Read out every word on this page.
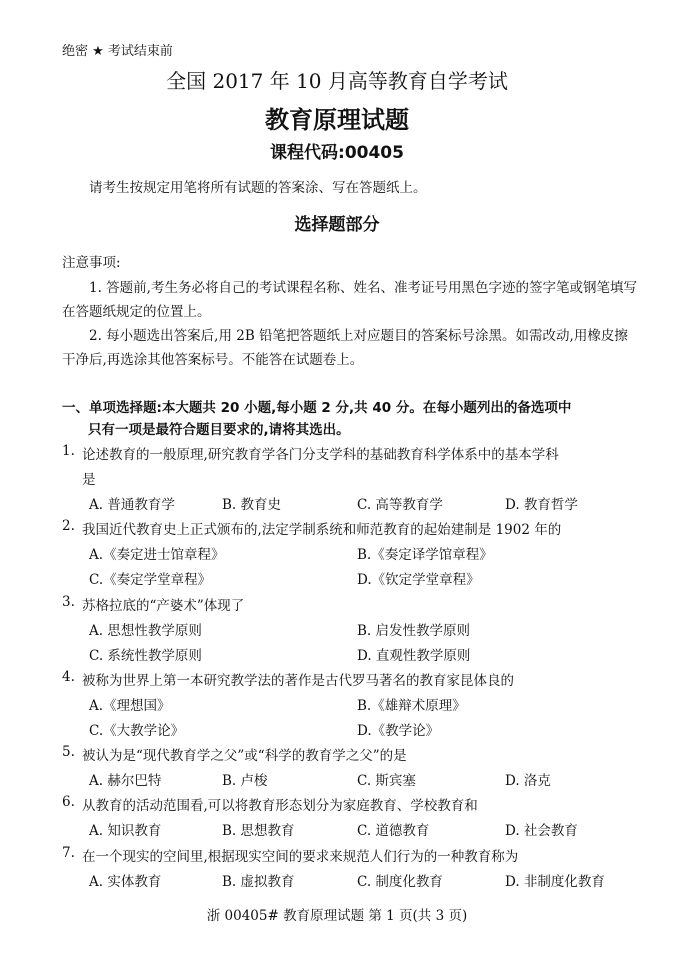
绝密 ★ 考试结束前
全国 2017 年 10 月高等教育自学考试
教育原理试题
课程代码:00405
请考生按规定用笔将所有试题的答案涂、写在答题纸上。
选择题部分
注意事项:
1. 答题前,考生务必将自己的考试课程名称、姓名、准考证号用黑色字迹的签字笔或钢笔填写
在答题纸规定的位置上。
2. 每小题选出答案后,用 2B 铅笔把答题纸上对应题目的答案标号涂黑。如需改动,用橡皮擦
干净后,再选涂其他答案标号。不能答在试题卷上。
一、单项选择题:本大题共 20 小题,每小题 2 分,共 40 分。在每小题列出的备选项中
只有一项是最符合题目要求的,请将其选出。
1. 论述教育的一般原理,研究教育学各门分支学科的基础教育科学体系中的基本学科
是
A. 普通教育学	B. 教育史	C. 高等教育学	D. 教育哲学
2. 我国近代教育史上正式颁布的,法定学制系统和师范教育的起始建制是 1902 年的
A.《奏定进士馆章程》	B.《奏定译学馆章程》
C.《奏定学堂章程》	D.《钦定学堂章程》
3. 苏格拉底的“产婆术”体现了
A. 思想性教学原则	B. 启发性教学原则
C. 系统性教学原则	D. 直观性教学原则
4. 被称为世界上第一本研究教学法的著作是古代罗马著名的教育家昆体良的
A.《理想国》	B.《雄辩术原理》
C.《大教学论》	D.《教学论》
5. 被认为是“现代教育学之父”或“科学的教育学之父”的是
A. 赫尔巴特	B. 卢梭	C. 斯宾塞	D. 洛克
6. 从教育的活动范围看,可以将教育形态划分为家庭教育、学校教育和
A. 知识教育	B. 思想教育	C. 道德教育	D. 社会教育
7. 在一个现实的空间里,根据现实空间的要求来规范人们行为的一种教育称为
A. 实体教育	B. 虚拟教育	C. 制度化教育	D. 非制度化教育
浙 00405# 教育原理试题 第 1 页(共 3 页)
